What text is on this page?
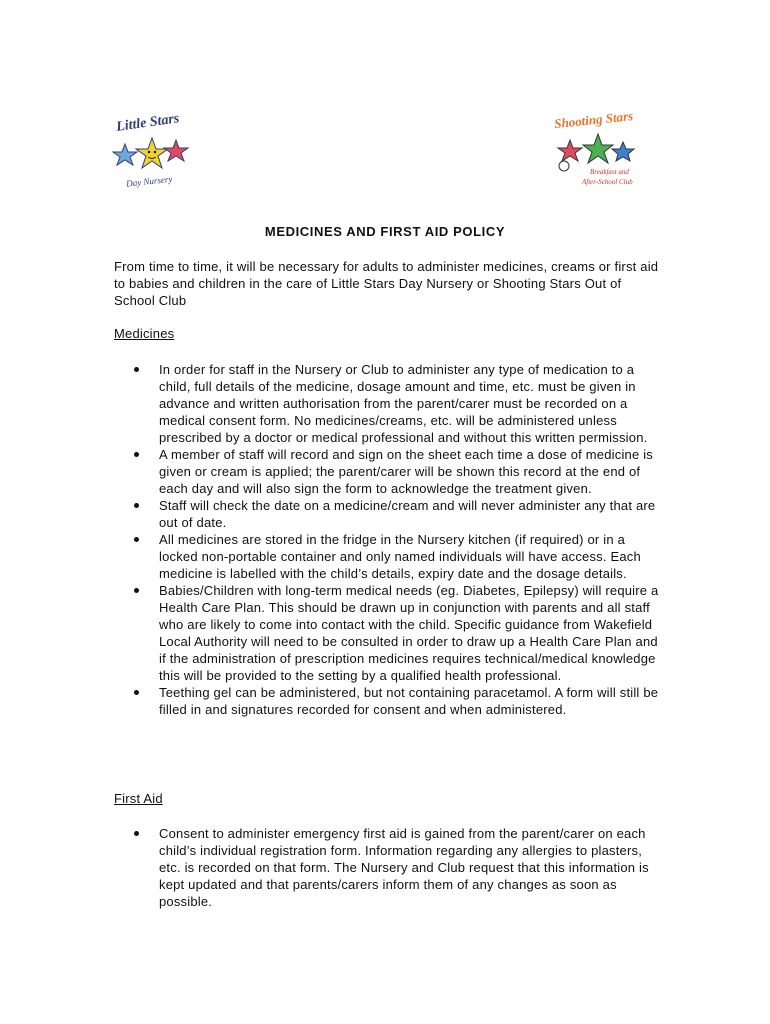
Little Stars
Day Nursery
Shooting Stars
Breakfast and
After-School Club
MEDICINES AND FIRST AID POLICY
From time to time, it will be necessary for adults to administer medicines, creams or first aid to babies and children in the care of Little Stars Day Nursery or Shooting Stars Out of School Club
Medicines
In order for staff in the Nursery or Club to administer any type of medication to a child, full details of the medicine, dosage amount and time, etc. must be given in advance and written authorisation from the parent/carer must be recorded on a medical consent form. No medicines/creams, etc. will be administered unless prescribed by a doctor or medical professional and without this written permission.
A member of staff will record and sign on the sheet each time a dose of medicine is given or cream is applied; the parent/carer will be shown this record at the end of each day and will also sign the form to acknowledge the treatment given.
Staff will check the date on a medicine/cream and will never administer any that are out of date.
All medicines are stored in the fridge in the Nursery kitchen (if required) or in a locked non-portable container and only named individuals will have access. Each medicine is labelled with the child’s details, expiry date and the dosage details.
Babies/Children with long-term medical needs (eg. Diabetes, Epilepsy) will require a Health Care Plan. This should be drawn up in conjunction with parents and all staff who are likely to come into contact with the child. Specific guidance from Wakefield Local Authority will need to be consulted in order to draw up a Health Care Plan and if the administration of prescription medicines requires technical/medical knowledge this will be provided to the setting by a qualified health professional.
Teething gel can be administered, but not containing paracetamol. A form will still be filled in and signatures recorded for consent and when administered.
First Aid
Consent to administer emergency first aid is gained from the parent/carer on each child’s individual registration form. Information regarding any allergies to plasters, etc. is recorded on that form. The Nursery and Club request that this information is kept updated and that parents/carers inform them of any changes as soon as possible.
